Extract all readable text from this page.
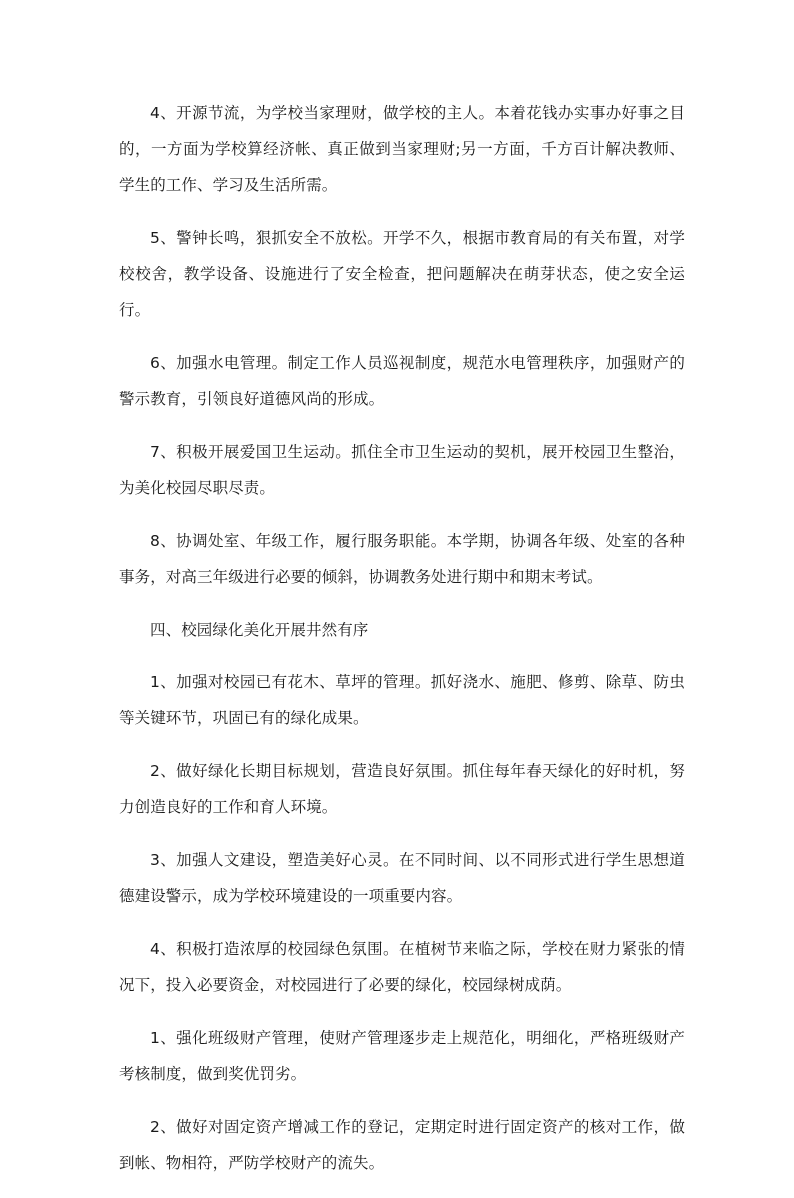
4、开源节流，为学校当家理财，做学校的主人。本着花钱办实事办好事之目的，一方面为学校算经济帐、真正做到当家理财;另一方面，千方百计解决教师、学生的工作、学习及生活所需。

5、警钟长鸣，狠抓安全不放松。开学不久，根据市教育局的有关布置，对学校校舍，教学设备、设施进行了安全检查，把问题解决在萌芽状态，使之安全运行。

6、加强水电管理。制定工作人员巡视制度，规范水电管理秩序，加强财产的警示教育，引领良好道德风尚的形成。

7、积极开展爱国卫生运动。抓住全市卫生运动的契机，展开校园卫生整治，为美化校园尽职尽责。

8、协调处室、年级工作，履行服务职能。本学期，协调各年级、处室的各种事务，对高三年级进行必要的倾斜，协调教务处进行期中和期末考试。

四、校园绿化美化开展井然有序

1、加强对校园已有花木、草坪的管理。抓好浇水、施肥、修剪、除草、防虫等关键环节，巩固已有的绿化成果。

2、做好绿化长期目标规划，营造良好氛围。抓住每年春天绿化的好时机，努力创造良好的工作和育人环境。

3、加强人文建设，塑造美好心灵。在不同时间、以不同形式进行学生思想道德建设警示，成为学校环境建设的一项重要内容。

4、积极打造浓厚的校园绿色氛围。在植树节来临之际，学校在财力紧张的情况下，投入必要资金，对校园进行了必要的绿化，校园绿树成荫。

1、强化班级财产管理，使财产管理逐步走上规范化，明细化，严格班级财产考核制度，做到奖优罚劣。

2、做好对固定资产增减工作的登记，定期定时进行固定资产的核对工作，做到帐、物相符，严防学校财产的流失。
